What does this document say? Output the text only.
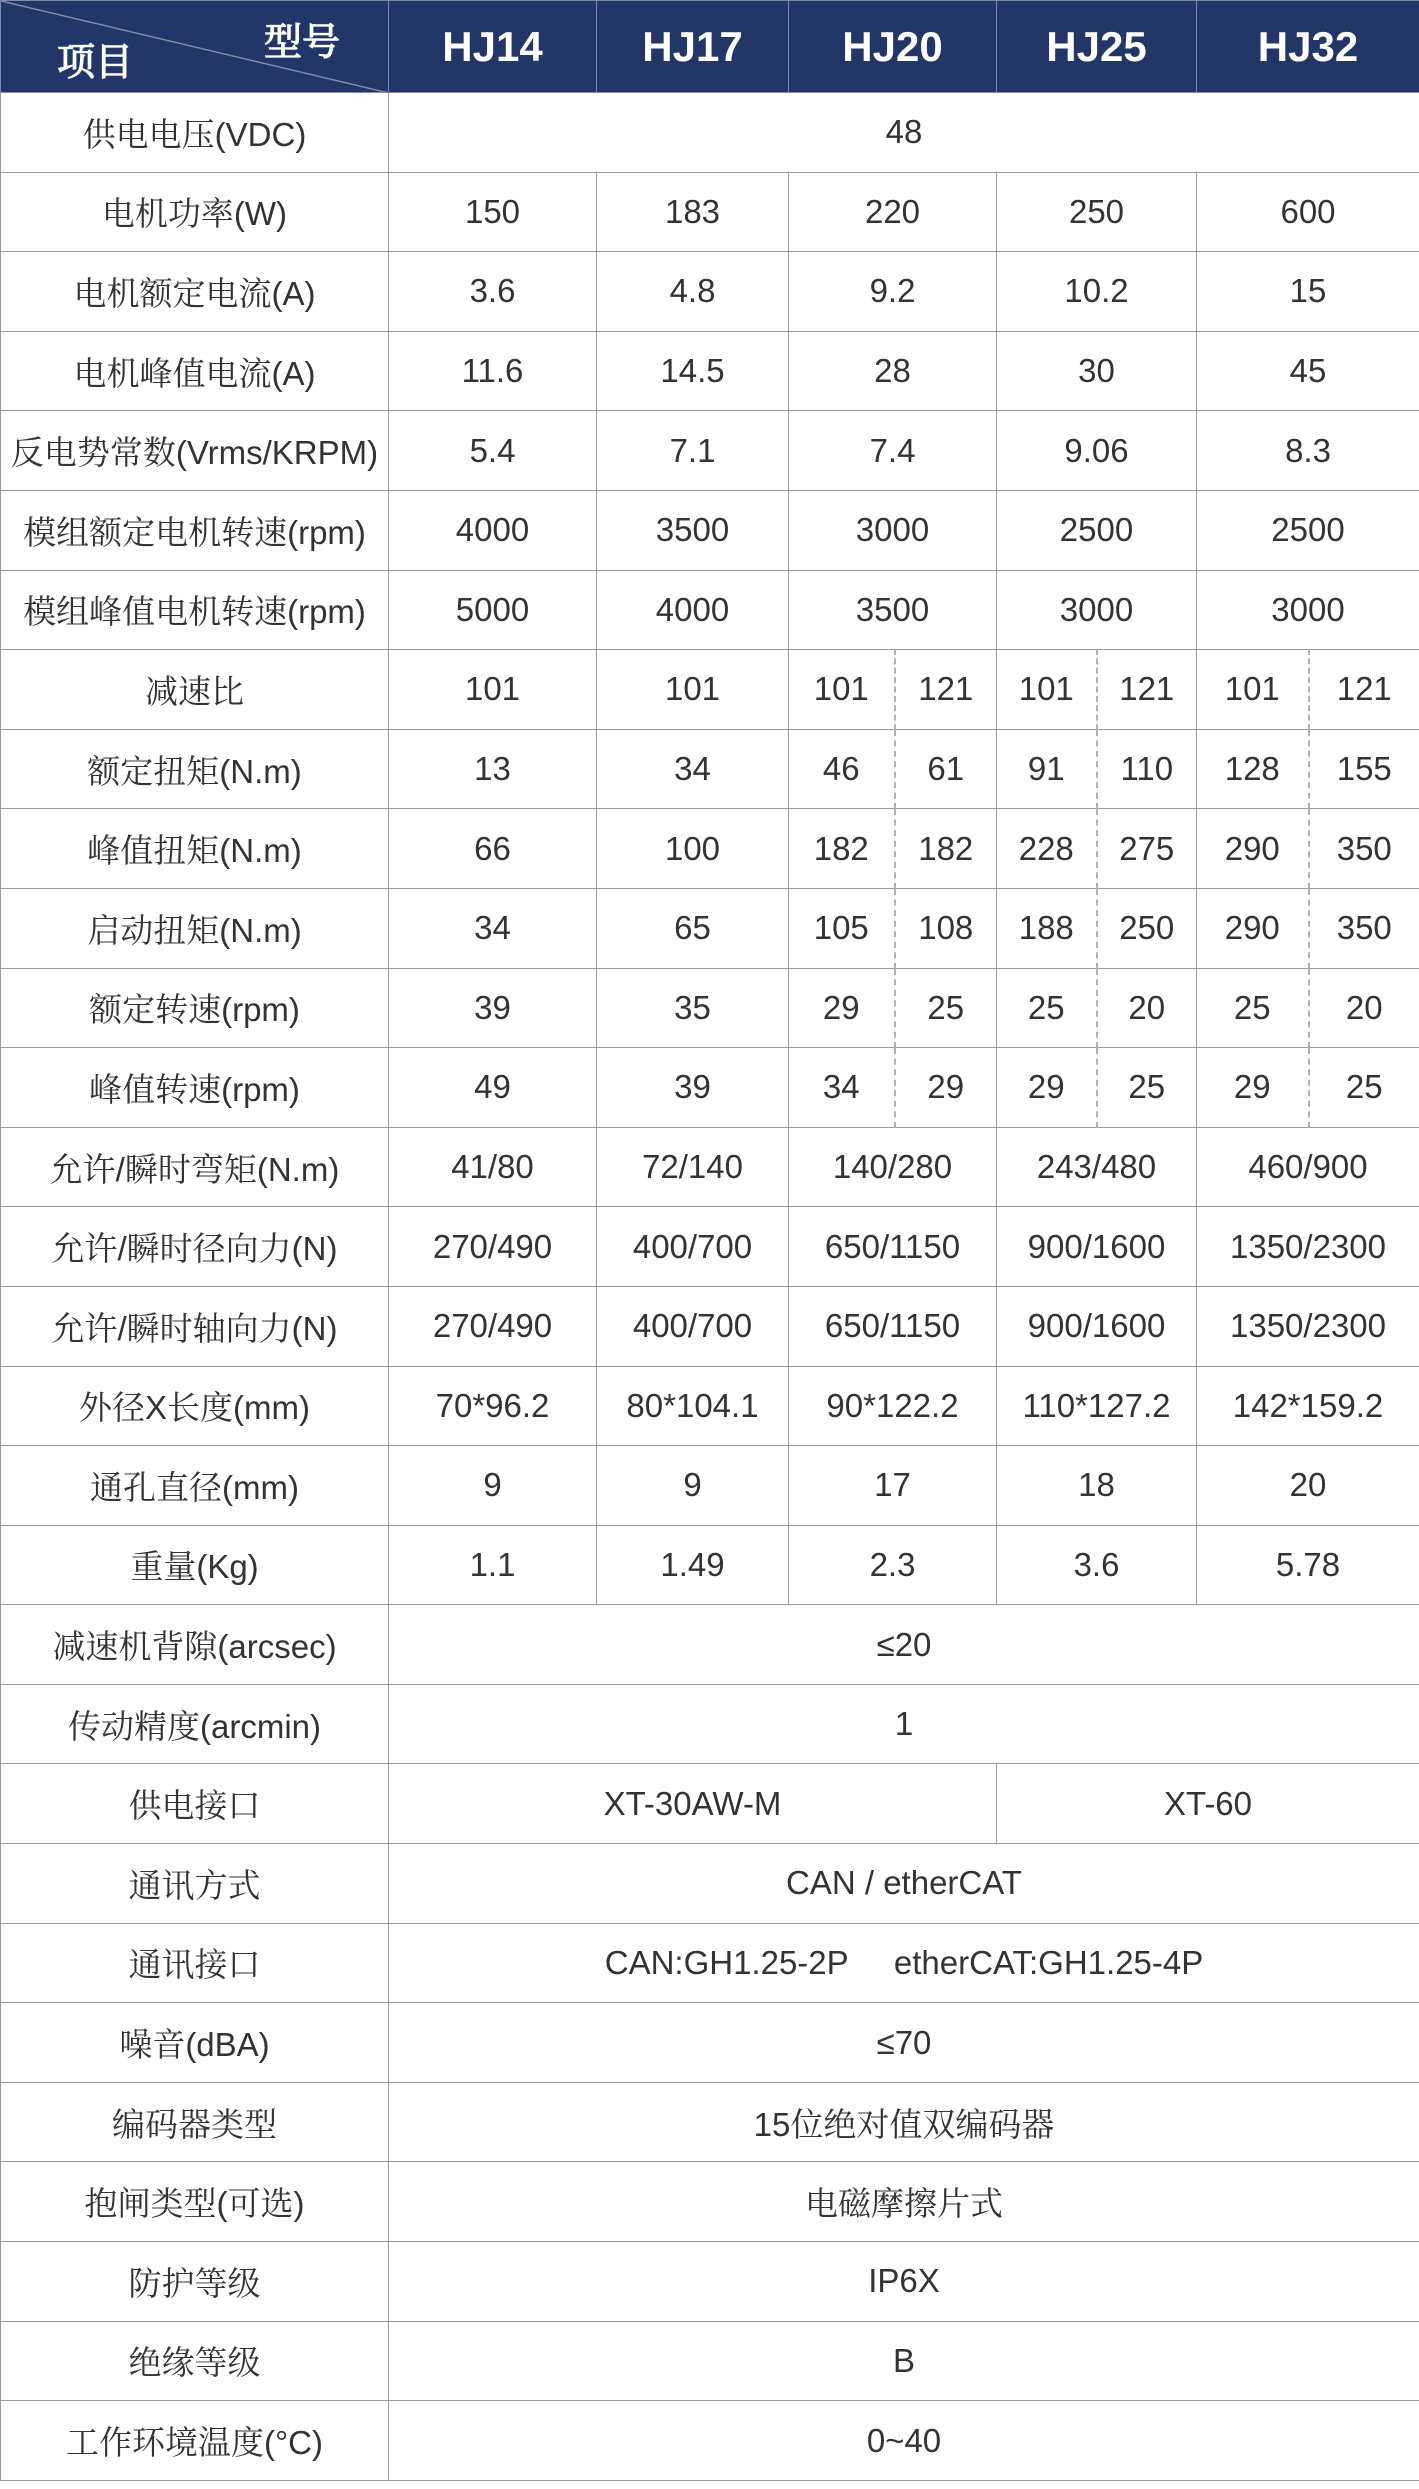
型号
项目	HJ14	HJ17	HJ20		HJ25		HJ32	
供电电压(VDC)	48							
电机功率(W)	150	183	220		250		600	
电机额定电流(A)	3.6	4.8	9.2		10.2		15	
电机峰值电流(A)	11.6	14.5	28		30		45	
反电势常数(Vrms/KRPM)	5.4	7.1	7.4		9.06		8.3	
模组额定电机转速(rpm)	4000	3500	3000		2500		2500	
模组峰值电机转速(rpm)	5000	4000	3500		3000		3000	
减速比	101	101	101	121	101	121	101	121
额定扭矩(N.m)	13	34	46	61	91	110	128	155
峰值扭矩(N.m)	66	100	182	182	228	275	290	350
启动扭矩(N.m)	34	65	105	108	188	250	290	350
额定转速(rpm)	39	35	29	25	25	20	25	20
峰值转速(rpm)	49	39	34	29	29	25	29	25
允许/瞬时弯矩(N.m)	41/80	72/140	140/280		243/480		460/900	
允许/瞬时径向力(N)	270/490	400/700	650/1150		900/1600		1350/2300	
允许/瞬时轴向力(N)	270/490	400/700	650/1150		900/1600		1350/2300	
外径X长度(mm)	70*96.2	80*104.1	90*122.2		110*127.2		142*159.2	
通孔直径(mm)	9	9	17		18		20	
重量(Kg)	1.1	1.49	2.3		3.6		5.78	
减速机背隙(arcsec)	≤20							
传动精度(arcmin)	1							
供电接口	XT-30AW-M				XT-60			
通讯方式	CAN / etherCAT							
通讯接口	CAN:GH1.25-2P     etherCAT:GH1.25-4P							
噪音(dBA)	≤70							
编码器类型	15位绝对值双编码器							
抱闸类型(可选)	电磁摩擦片式							
防护等级	IP6X							
绝缘等级	B							
工作环境温度(°C)	0~40							
